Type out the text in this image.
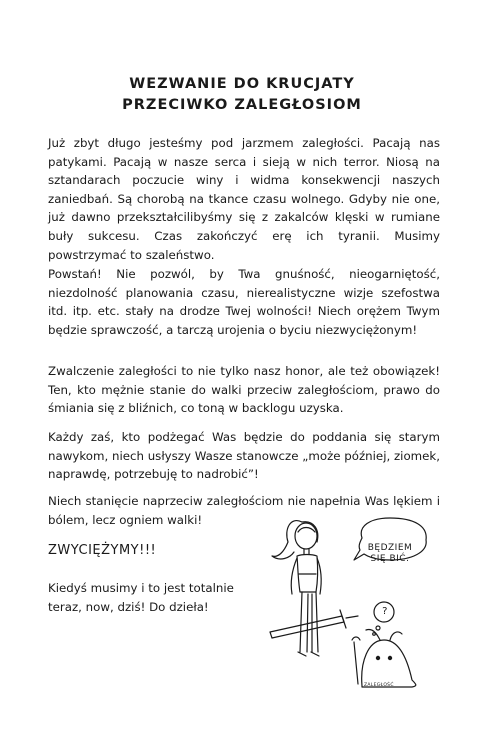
WEZWANIE DO KRUCJATY
PRZECIWKO ZALEGŁOSIOM

Już zbyt długo jesteśmy pod jarzmem zaległości. Pacają nas patykami. Pacają w nasze serca i sieją w nich terror. Niosą na sztandarach poczucie winy i widma konsekwencji naszych zaniedbań. Są chorobą na tkance czasu wolnego. Gdyby nie one, już dawno przekształcilibyśmy się z zakalców klęski w rumiane buły sukcesu. Czas zakończyć erę ich tyranii. Musimy powstrzymać to szaleństwo.

Powstań! Nie pozwól, by Twa gnuśność, nieogarniętość, niezdolność planowania czasu, nierealistyczne wizje szefostwa itd. itp. etc. stały na drodze Twej wolności! Niech orężem Twym będzie sprawczość, a tarczą urojenia o byciu niezwyciężonym!

Zwalczenie zaległości to nie tylko nasz honor, ale też obowiązek! Ten, kto mężnie stanie do walki przeciw zaległościom, prawo do śmiania się z bliźnich, co toną w backlogu uzyska.

Każdy zaś, kto podżegać Was będzie do poddania się starym nawykom, niech usłyszy Wasze stanowcze „może później, ziomek, naprawdę, potrzebuję to nadrobić”!

Niech stanięcie naprzeciw zaległościom nie napełnia Was lękiem i bólem, lecz ogniem walki!

ZWYCIĘŻYMY!!!
Kiedyś musimy i to jest totalnie teraz, now, dziś! Do dzieła!
BĘDZIEM
SIĘ BIĆ.
?
ZALEGŁOŚĆ
